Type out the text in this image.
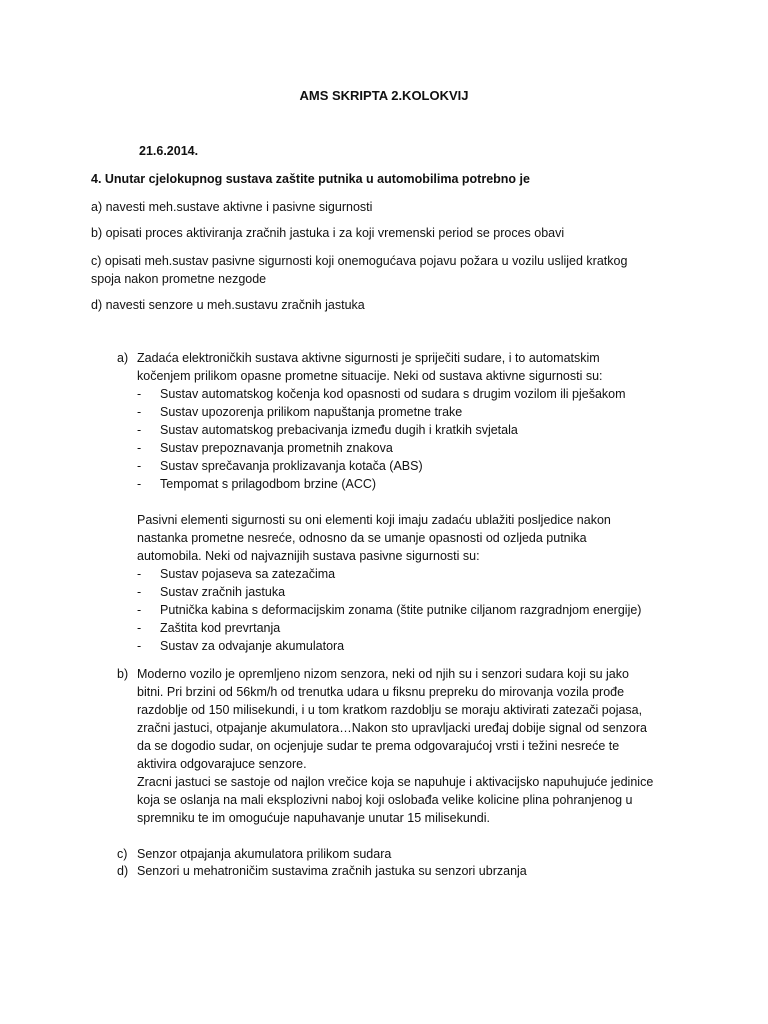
AMS SKRIPTA 2.KOLOKVIJ
21.6.2014.
4. Unutar cjelokupnog sustava zaštite putnika u automobilima potrebno je
a) navesti meh.sustave aktivne i pasivne sigurnosti
b) opisati proces aktiviranja zračnih jastuka i za koji vremenski period se proces obavi
c) opisati meh.sustav pasivne sigurnosti koji onemogućava pojavu požara u vozilu uslijed kratkog
spoja nakon prometne nezgode
d) navesti senzore u meh.sustavu zračnih jastuka
a) Zadaća elektroničkih sustava aktivne sigurnosti je spriječiti sudare, i to automatskim
kočenjem prilikom opasne prometne situacije. Neki od sustava aktivne sigurnosti su:
- Sustav automatskog kočenja kod opasnosti od sudara s drugim vozilom ili pješakom
- Sustav upozorenja prilikom napuštanja prometne trake
- Sustav automatskog prebacivanja između dugih i kratkih svjetala
- Sustav prepoznavanja prometnih znakova
- Sustav sprečavanja proklizavanja kotača (ABS)
- Tempomat s prilagodbom brzine (ACC)
Pasivni elementi sigurnosti su oni elementi koji imaju zadaću ublažiti posljedice nakon
nastanka prometne nesreće, odnosno da se umanje opasnosti od ozljeda putnika
automobila. Neki od najvaznijih sustava pasivne sigurnosti su:
- Sustav pojaseva sa zatezačima
- Sustav zračnih jastuka
- Putnička kabina s deformacijskim zonama (štite putnike ciljanom razgradnjom energije)
- Zaštita kod prevrtanja
- Sustav za odvajanje akumulatora
b) Moderno vozilo je opremljeno nizom senzora, neki od njih su i senzori sudara koji su jako
bitni. Pri brzini od 56km/h od trenutka udara u fiksnu prepreku do mirovanja vozila prođe
razdoblje od 150 milisekundi, i u tom kratkom razdoblju se moraju aktivirati zatezači pojasa,
zračni jastuci, otpajanje akumulatora…Nakon sto upravljacki uređaj dobije signal od senzora
da se dogodio sudar, on ocjenjuje sudar te prema odgovarajućoj vrsti i težini nesreće te
aktivira odgovarajuce senzore.
Zracni jastuci se sastoje od najlon vrečice koja se napuhuje i aktivacijsko napuhujuće jedinice
koja se oslanja na mali eksplozivni naboj koji oslobađa velike kolicine plina pohranjenog u
spremniku te im omogućuje napuhavanje unutar 15 milisekundi.
c) Senzor otpajanja akumulatora prilikom sudara
d) Senzori u mehatroničim sustavima zračnih jastuka su senzori ubrzanja
